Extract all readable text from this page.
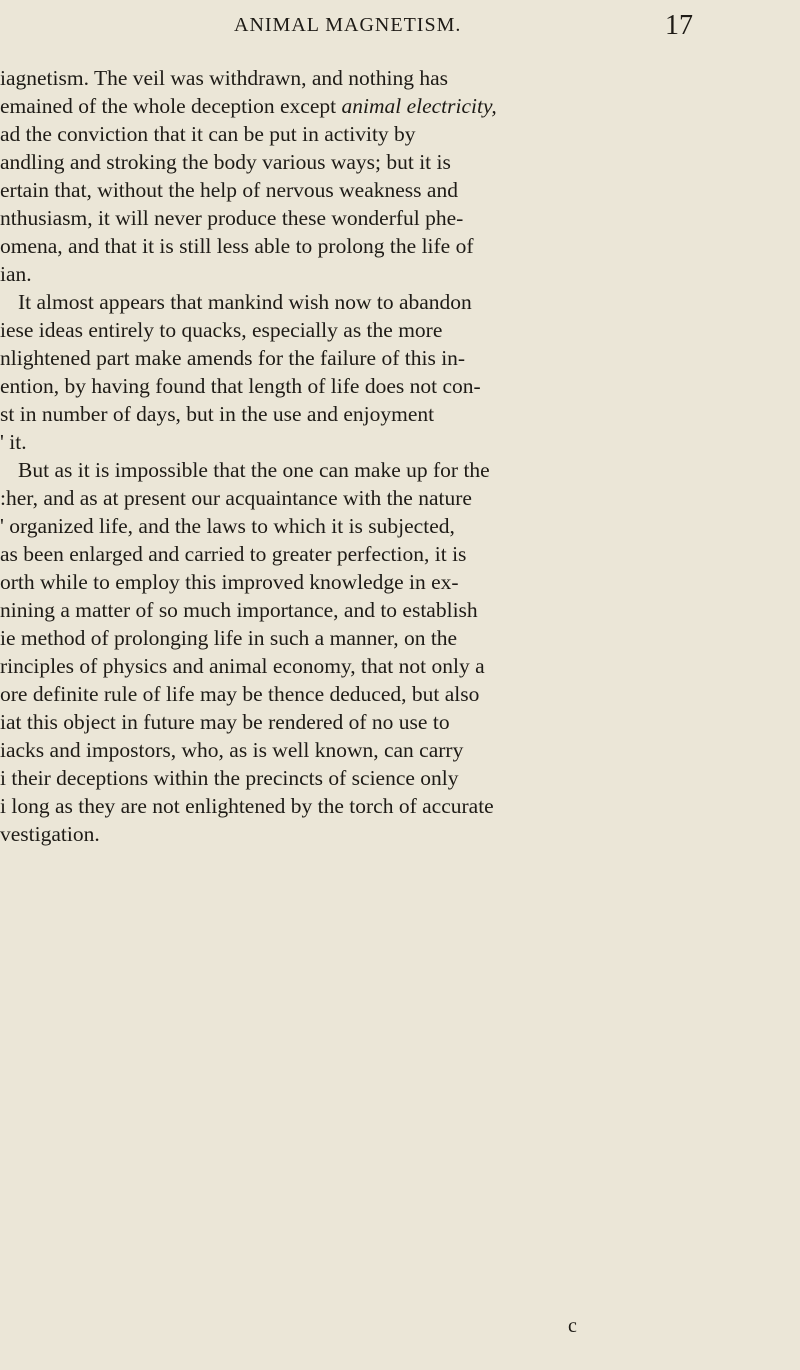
ANIMAL MAGNETISM.	17
iagnetism. The veil was withdrawn, and nothing has
emained of the whole deception except animal electricity,
ad the conviction that it can be put in activity by
andling and stroking the body various ways; but it is
ertain that, without the help of nervous weakness and
nthusiasm, it will never produce these wonderful phe-
omena, and that it is still less able to prolong the life of
ian.
It almost appears that mankind wish now to abandon
iese ideas entirely to quacks, especially as the more
nlightened part make amends for the failure of this in-
ention, by having found that length of life does not con-
st in number of days, but in the use and enjoyment
' it.
But as it is impossible that the one can make up for the
:her, and as at present our acquaintance with the nature
' organized life, and the laws to which it is subjected,
as been enlarged and carried to greater perfection, it is
orth while to employ this improved knowledge in ex-
nining a matter of so much importance, and to establish
ie method of prolonging life in such a manner, on the
rinciples of physics and animal economy, that not only a
ore definite rule of life may be thence deduced, but also
iat this object in future may be rendered of no use to
iacks and impostors, who, as is well known, can carry
i their deceptions within the precincts of science only
i long as they are not enlightened by the torch of accurate
vestigation.
c
